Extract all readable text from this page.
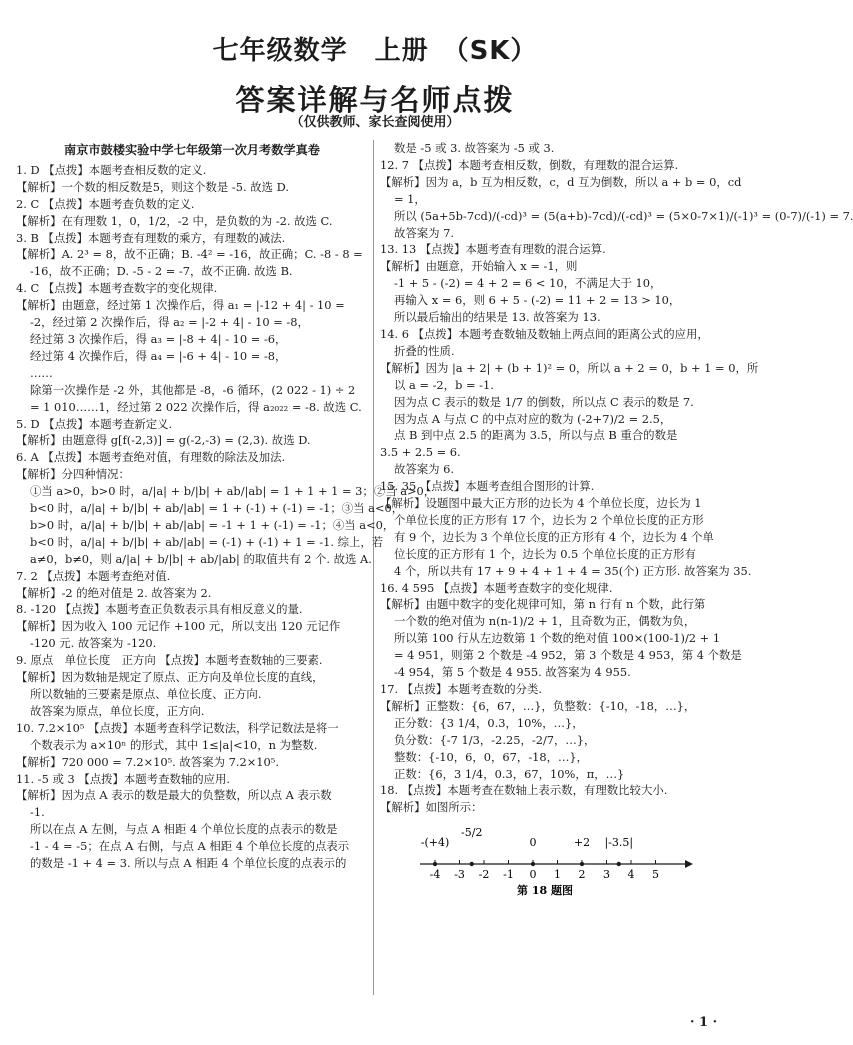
七年级数学　上册　（SK）
答案详解与名师点拨
（仅供教师、家长查阅使用）
南京市鼓楼实验中学七年级第一次月考数学真卷
1. D 【点拨】本题考查相反数的定义.
【解析】一个数的相反数是5，则这个数是 -5. 故选 D.
2. C 【点拨】本题考查负数的定义.
【解析】在有理数 1，0，1/2，-2 中，是负数的为 -2. 故选 C.
3. B 【点拨】本题考查有理数的乘方，有理数的减法.
【解析】A. 2³ = 8，故不正确；B. -4² = -16，故正确；C. -8 - 8 =
-16，故不正确；D. -5 - 2 = -7，故不正确. 故选 B.
4. C 【点拨】本题考查数字的变化规律.
【解析】由题意，经过第 1 次操作后，得 a₁ = |-12 + 4| - 10 =
-2，经过第 2 次操作后，得 a₂ = |-2 + 4| - 10 = -8，
经过第 3 次操作后，得 a₃ = |-8 + 4| - 10 = -6，
经过第 4 次操作后，得 a₄ = |-6 + 4| - 10 = -8，
……
除第一次操作是 -2 外，其他都是 -8，-6 循环，(2 022 - 1) ÷ 2
= 1 010……1，经过第 2 022 次操作后，得 a₂₀₂₂ = -8. 故选 C.
5. D 【点拨】本题考查新定义.
【解析】由题意得 g[f(-2,3)] = g(-2,-3) = (2,3). 故选 D.
6. A 【点拨】本题考查绝对值，有理数的除法及加法.
【解析】分四种情况：
①当 a>0，b>0 时，a/|a| + b/|b| + ab/|ab| = 1 + 1 + 1 = 3；②当 a>0，
b<0 时，a/|a| + b/|b| + ab/|ab| = 1 + (-1) + (-1) = -1；③当 a<0，
b>0 时，a/|a| + b/|b| + ab/|ab| = -1 + 1 + (-1) = -1；④当 a<0，
b<0 时，a/|a| + b/|b| + ab/|ab| = (-1) + (-1) + 1 = -1. 综上，若
a≠0，b≠0，则 a/|a| + b/|b| + ab/|ab| 的取值共有 2 个. 故选 A.
7. 2 【点拨】本题考查绝对值.
【解析】-2 的绝对值是 2. 故答案为 2.
8. -120 【点拨】本题考查正负数表示具有相反意义的量.
【解析】因为收入 100 元记作 +100 元，所以支出 120 元记作
-120 元. 故答案为 -120.
9. 原点　单位长度　正方向 【点拨】本题考查数轴的三要素.
【解析】因为数轴是规定了原点、正方向及单位长度的直线，
所以数轴的三要素是原点、单位长度、正方向.
故答案为原点，单位长度，正方向.
10. 7.2×10⁵ 【点拨】本题考查科学记数法，科学记数法是将一
个数表示为 a×10ⁿ 的形式，其中 1≤|a|<10，n 为整数.
【解析】720 000 = 7.2×10⁵. 故答案为 7.2×10⁵.
11. -5 或 3 【点拨】本题考查数轴的应用.
【解析】因为点 A 表示的数是最大的负整数，所以点 A 表示数
-1.
所以在点 A 左侧，与点 A 相距 4 个单位长度的点表示的数是
-1 - 4 = -5；在点 A 右侧，与点 A 相距 4 个单位长度的点表示
的数是 -1 + 4 = 3. 所以与点 A 相距 4 个单位长度的点表示的
数是 -5 或 3. 故答案为 -5 或 3.
12. 7 【点拨】本题考查相反数，倒数，有理数的混合运算.
【解析】因为 a，b 互为相反数，c，d 互为倒数，所以 a + b = 0，cd
= 1，
所以 (5a+5b-7cd)/(-cd)³ = (5(a+b)-7cd)/(-cd)³ = (5×0-7×1)/(-1)³ = (0-7)/(-1) = 7.
故答案为 7.
13. 13 【点拨】本题考查有理数的混合运算.
【解析】由题意，开始输入 x = -1，则
-1 + 5 - (-2) = 4 + 2 = 6 < 10，不满足大于 10，
再输入 x = 6，则 6 + 5 - (-2) = 11 + 2 = 13 > 10，
所以最后输出的结果是 13. 故答案为 13.
14. 6 【点拨】本题考查数轴及数轴上两点间的距离公式的应用，
折叠的性质.
【解析】因为 |a + 2| + (b + 1)² = 0，所以 a + 2 = 0，b + 1 = 0，所
以 a = -2，b = -1.
因为点 C 表示的数是 1/7 的倒数，所以点 C 表示的数是 7.
因为点 A 与点 C 的中点对应的数为 (-2+7)/2 = 2.5，
点 B 到中点 2.5 的距离为 3.5，所以与点 B 重合的数是
3.5 + 2.5 = 6.
故答案为 6.
15. 35 【点拨】本题考查组合图形的计算.
【解析】设题图中最大正方形的边长为 4 个单位长度，边长为 1
个单位长度的正方形有 17 个，边长为 2 个单位长度的正方形
有 9 个，边长为 3 个单位长度的正方形有 4 个，边长为 4 个单
位长度的正方形有 1 个，边长为 0.5 个单位长度的正方形有
4 个，所以共有 17 + 9 + 4 + 1 + 4 = 35(个) 正方形. 故答案为 35.
16. 4 595 【点拨】本题考查数字的变化规律.
【解析】由题中数字的变化规律可知，第 n 行有 n 个数，此行第
一个数的绝对值为 n(n-1)/2 + 1，且奇数为正，偶数为负，
所以第 100 行从左边数第 1 个数的绝对值 100×(100-1)/2 + 1
= 4 951，则第 2 个数是 -4 952，第 3 个数是 4 953，第 4 个数是
-4 954，第 5 个数是 4 955. 故答案为 4 955.
17. 【点拨】本题考查数的分类.
【解析】正整数：{6，67，…}，负整数：{-10，-18，…}，
正分数：{3 1/4，0.3，10%，…}，
负分数：{-7 1/3，-2.25，-2/7，…}，
整数：{-10，6，0，67，-18，…}，
正数：{6，3 1/4，0.3，67，10%，π，…}
18. 【点拨】本题考查在数轴上表示数，有理数比较大小.
【解析】如图所示：
-4 -3 -2 -1 0 1 2 3 4 5
-(+4)
-5/2
0	+2 |-3.5|
第 18 题图
· 1 ·
